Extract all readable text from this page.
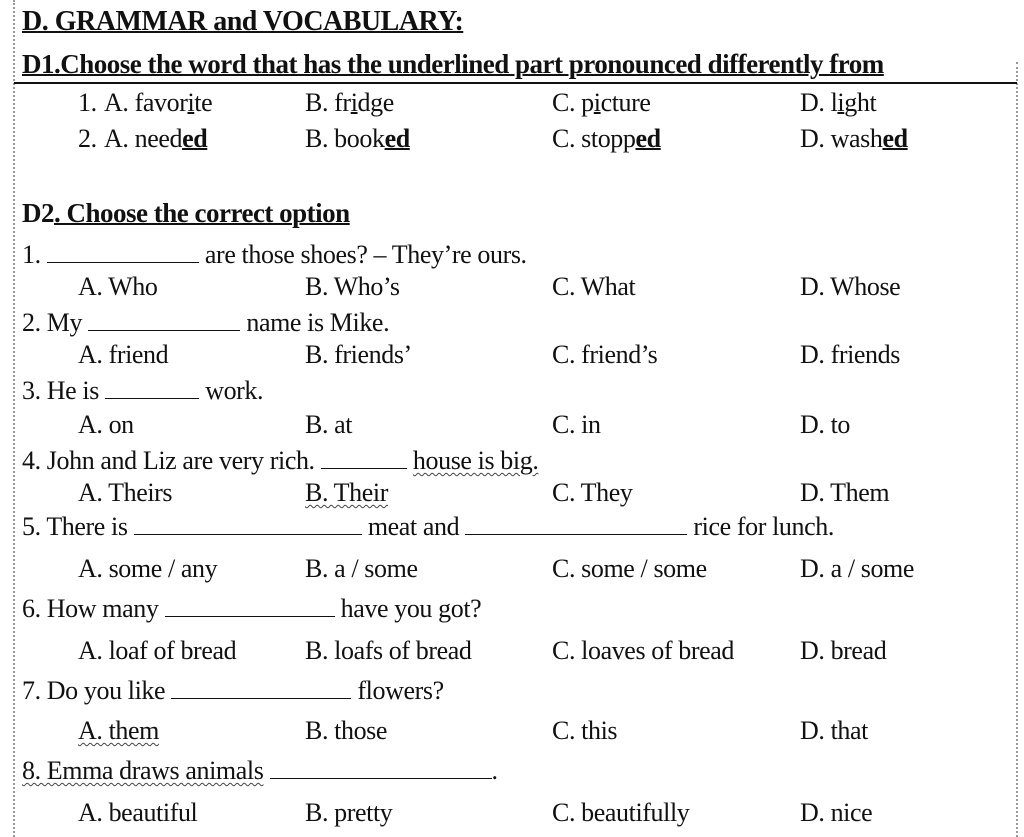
D. GRAMMAR and VOCABULARY:
D1.Choose the word that has the underlined part pronounced differently from
1. A. favorite	B. fridge	C. picture	D. light
2. A. needed	B. booked	C. stopped	D. washed
D2. Choose the correct option
1.	are those shoes? – They’re ours.
A. Who	B. Who’s	C. What	D. Whose
2. My	name is Mike.
A. friend	B. friends’	C. friend’s	D. friends
3. He is	work.
A. on	B. at	C. in	D. to
4. John and Liz are very rich.	house is big.
A. Theirs	B. Their	C. They	D. Them
5. There is	meat and	rice for lunch.
A. some / any	B. a / some	C. some / some	D. a / some
6. How many	have you got?
A. loaf of bread	B. loafs of bread	C. loaves of bread	D. bread
7. Do you like	flowers?
A. them	B. those	C. this	D. that
8. Emma draws animals	.
A. beautiful	B. pretty	C. beautifully	D. nice
